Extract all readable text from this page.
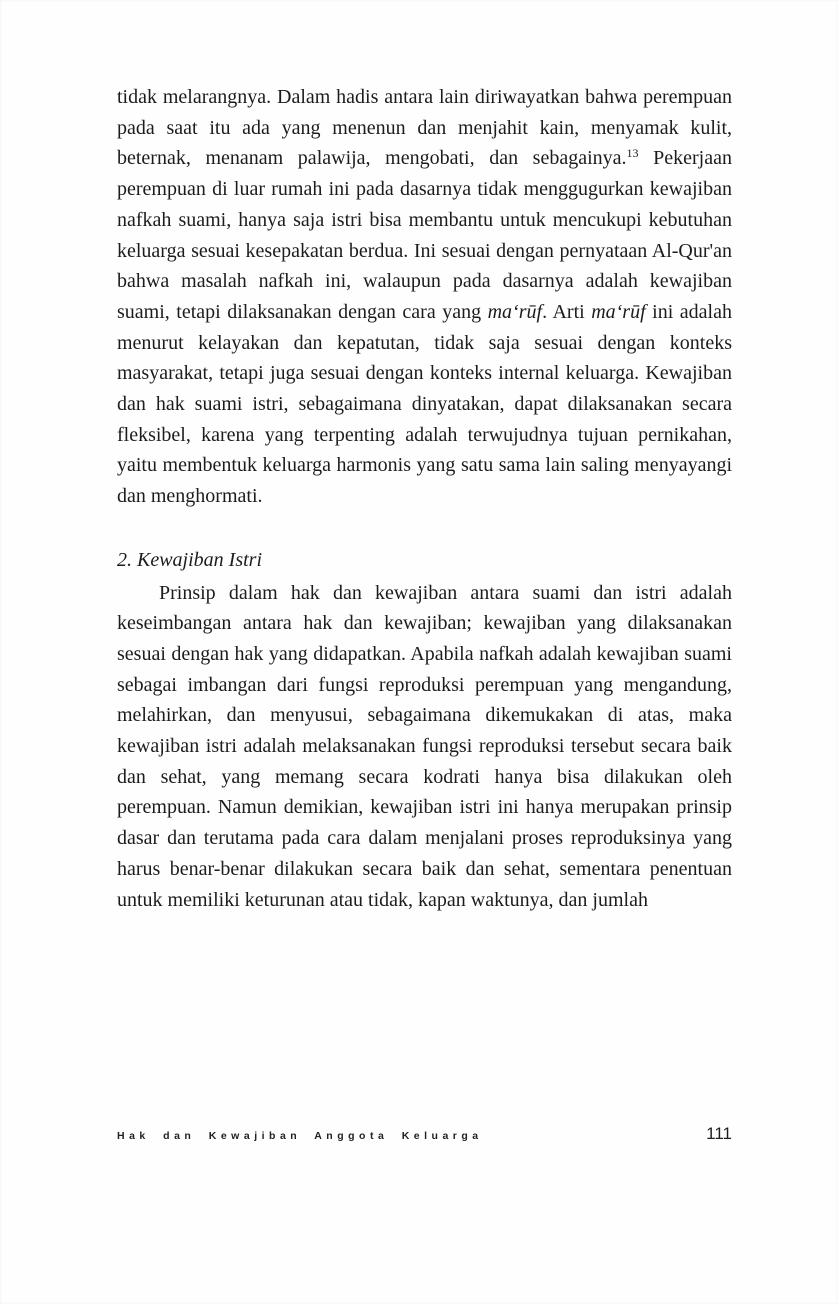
tidak melarangnya. Dalam hadis antara lain diriwayatkan bahwa perempuan pada saat itu ada yang menenun dan menjahit kain, menyamak kulit, beternak, menanam palawija, mengobati, dan sebagainya.$^{13}$ Pekerjaan perempuan di luar rumah ini pada dasarnya tidak menggugurkan kewajiban nafkah suami, hanya saja istri bisa membantu untuk mencukupi kebutuhan keluarga sesuai kesepakatan berdua. Ini sesuai dengan pernyataan Al-Qur'an bahwa masalah nafkah ini, walaupun pada dasarnya adalah kewajiban suami, tetapi dilaksanakan dengan cara yang ma‘rūf. Arti ma‘rūf ini adalah menurut kelayakan dan kepatutan, tidak saja sesuai dengan konteks masyarakat, tetapi juga sesuai dengan konteks internal keluarga. Kewajiban dan hak suami istri, sebagaimana dinyatakan, dapat dilaksanakan secara fleksibel, karena yang terpenting adalah terwujudnya tujuan pernikahan, yaitu membentuk keluarga harmonis yang satu sama lain saling menyayangi dan menghormati.

2. Kewajiban Istri

Prinsip dalam hak dan kewajiban antara suami dan istri adalah keseimbangan antara hak dan kewajiban; kewajiban yang dilaksanakan sesuai dengan hak yang didapatkan. Apabila nafkah adalah kewajiban suami sebagai imbangan dari fungsi reproduksi perempuan yang mengandung, melahirkan, dan menyusui, sebagaimana dikemukakan di atas, maka kewajiban istri adalah melaksanakan fungsi reproduksi tersebut secara baik dan sehat, yang memang secara kodrati hanya bisa dilakukan oleh perempuan. Namun demikian, kewajiban istri ini hanya merupakan prinsip dasar dan terutama pada cara dalam menjalani proses reproduksinya yang harus benar-benar dilakukan secara baik dan sehat, sementara penentuan untuk memiliki keturunan atau tidak, kapan waktunya, dan jumlah

Hak dan Kewajiban Anggota Keluarga	111
